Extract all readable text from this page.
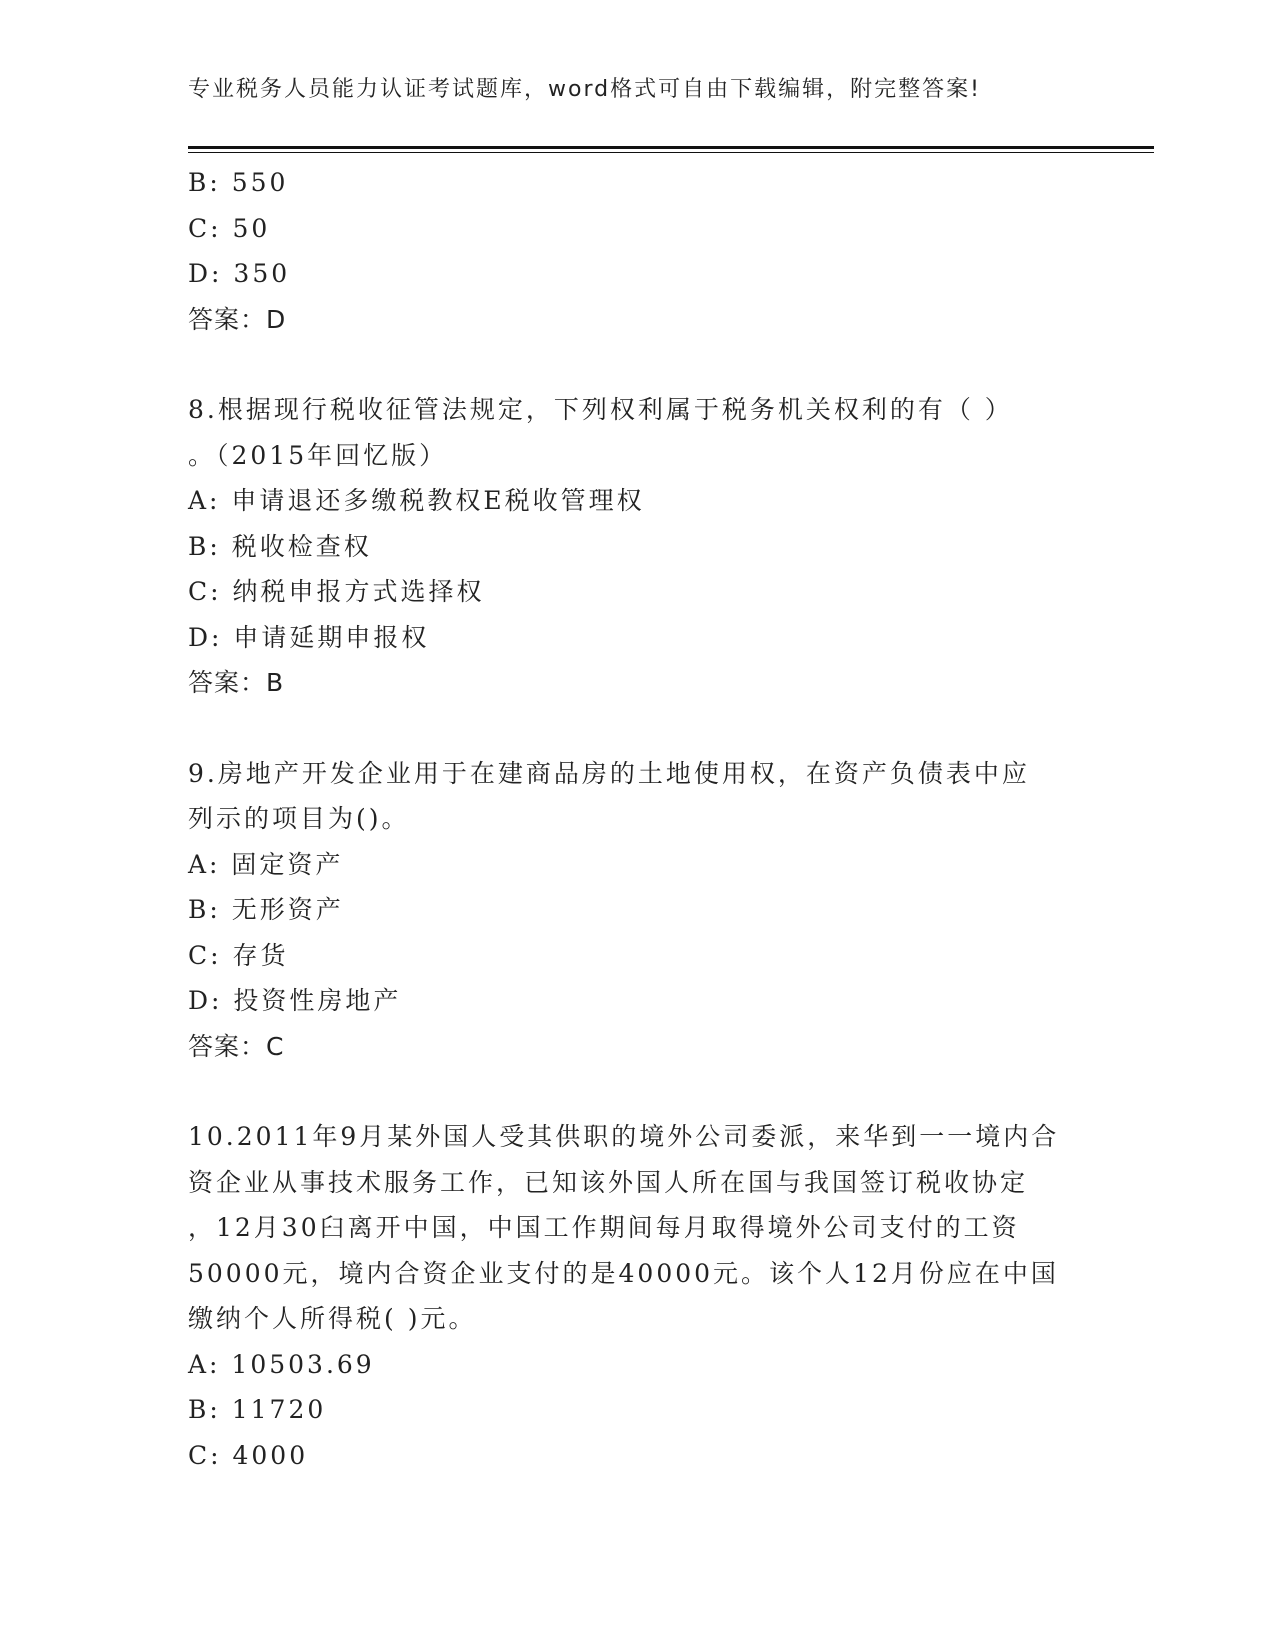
专业税务人员能力认证考试题库，word格式可自由下载编辑，附完整答案!
B: 550
C: 50
D: 350
答案：D
8.根据现行税收征管法规定，下列权利属于税务机关权利的有（ ）
。（2015年回忆版）
A: 申请退还多缴税教权E税收管理权
B: 税收检查权
C: 纳税申报方式选择权
D: 申请延期申报权
答案：B
9.房地产开发企业用于在建商品房的土地使用权，在资产负债表中应
列示的项目为()。
A: 固定资产
B: 无形资产
C: 存货
D: 投资性房地产
答案：C
10.2011年9月某外国人受其供职的境外公司委派，来华到一一境内合
资企业从事技术服务工作，已知该外国人所在国与我国签订税收协定
，12月30臼离开中国，中国工作期间每月取得境外公司支付的工资
50000元，境内合资企业支付的是40000元。该个人12月份应在中国
缴纳个人所得税( )元。
A: 10503.69
B: 11720
C: 4000
